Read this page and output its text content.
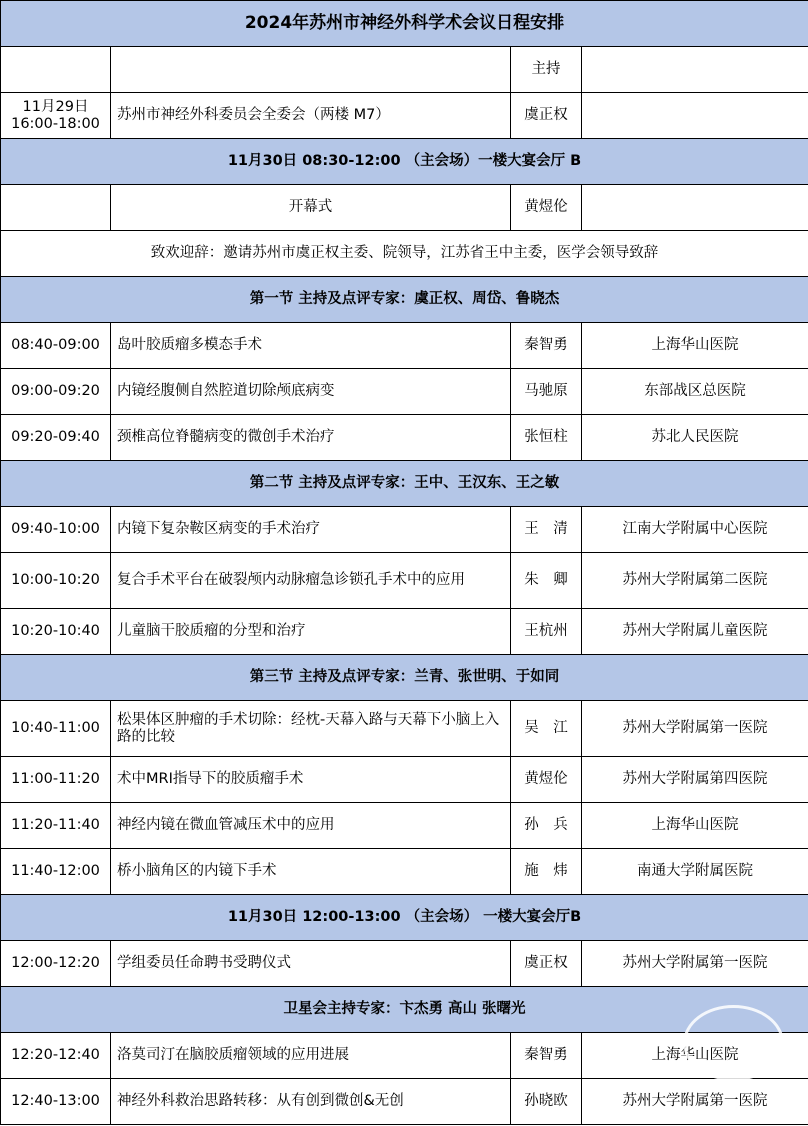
2024年苏州市神经外科学术会议日程安排			
		主持	
11月29日
16:00-18:00	苏州市神经外科委员会全委会（两楼 M7）	虞正权	
11月30日 08:30-12:00 （主会场）一楼大宴会厅 B			
	开幕式	黄煜伦	
致欢迎辞：邀请苏州市虞正权主委、院领导，江苏省王中主委，医学会领导致辞			
第一节 主持及点评专家：虞正权、周岱、鲁晓杰			
08:40-09:00	岛叶胶质瘤多模态手术	秦智勇	上海华山医院
09:00-09:20	内镜经腹侧自然腔道切除颅底病变	马驰原	东部战区总医院
09:20-09:40	颈椎高位脊髓病变的微创手术治疗	张恒柱	苏北人民医院
第二节 主持及点评专家：王中、王汉东、王之敏			
09:40-10:00	内镜下复杂鞍区病变的手术治疗	王　清	江南大学附属中心医院
10:00-10:20	复合手术平台在破裂颅内动脉瘤急诊锁孔手术中的应用	朱　卿	苏州大学附属第二医院
10:20-10:40	儿童脑干胶质瘤的分型和治疗	王杭州	苏州大学附属儿童医院
第三节 主持及点评专家：兰青、张世明、于如同			
10:40-11:00	松果体区肿瘤的手术切除：经枕-天幕入路与天幕下小脑上入路的比较	吴　江	苏州大学附属第一医院
11:00-11:20	术中MRI指导下的胶质瘤手术	黄煜伦	苏州大学附属第四医院
11:20-11:40	神经内镜在微血管减压术中的应用	孙　兵	上海华山医院
11:40-12:00	桥小脑角区的内镜下手术	施　炜	南通大学附属医院
11月30日 12:00-13:00 （主会场） 一楼大宴会厅B			
12:00-12:20	学组委员任命聘书受聘仪式	虞正权	苏州大学附属第一医院
卫星会主持专家：卞杰勇 高山 张曙光			
12:20-12:40	洛莫司汀在脑胶质瘤领域的应用进展	秦智勇	上海华山医院
12:40-13:00	神经外科救治思路转移：从有创到微创&无创	孙晓欧	苏州大学附属第一医院
